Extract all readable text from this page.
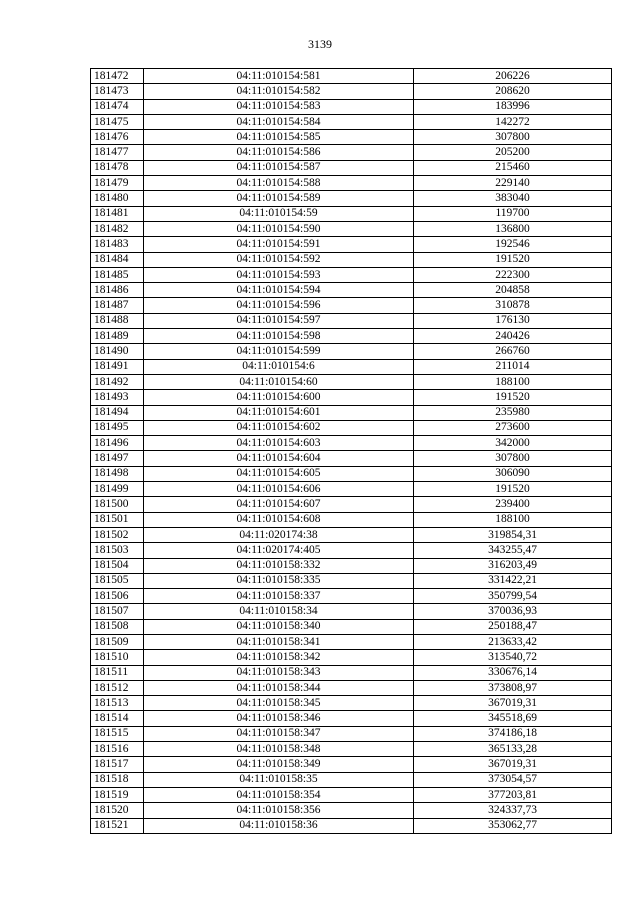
3139
181472	04:11:010154:581	206226
181473	04:11:010154:582	208620
181474	04:11:010154:583	183996
181475	04:11:010154:584	142272
181476	04:11:010154:585	307800
181477	04:11:010154:586	205200
181478	04:11:010154:587	215460
181479	04:11:010154:588	229140
181480	04:11:010154:589	383040
181481	04:11:010154:59	119700
181482	04:11:010154:590	136800
181483	04:11:010154:591	192546
181484	04:11:010154:592	191520
181485	04:11:010154:593	222300
181486	04:11:010154:594	204858
181487	04:11:010154:596	310878
181488	04:11:010154:597	176130
181489	04:11:010154:598	240426
181490	04:11:010154:599	266760
181491	04:11:010154:6	211014
181492	04:11:010154:60	188100
181493	04:11:010154:600	191520
181494	04:11:010154:601	235980
181495	04:11:010154:602	273600
181496	04:11:010154:603	342000
181497	04:11:010154:604	307800
181498	04:11:010154:605	306090
181499	04:11:010154:606	191520
181500	04:11:010154:607	239400
181501	04:11:010154:608	188100
181502	04:11:020174:38	319854,31
181503	04:11:020174:405	343255,47
181504	04:11:010158:332	316203,49
181505	04:11:010158:335	331422,21
181506	04:11:010158:337	350799,54
181507	04:11:010158:34	370036,93
181508	04:11:010158:340	250188,47
181509	04:11:010158:341	213633,42
181510	04:11:010158:342	313540,72
181511	04:11:010158:343	330676,14
181512	04:11:010158:344	373808,97
181513	04:11:010158:345	367019,31
181514	04:11:010158:346	345518,69
181515	04:11:010158:347	374186,18
181516	04:11:010158:348	365133,28
181517	04:11:010158:349	367019,31
181518	04:11:010158:35	373054,57
181519	04:11:010158:354	377203,81
181520	04:11:010158:356	324337,73
181521	04:11:010158:36	353062,77
